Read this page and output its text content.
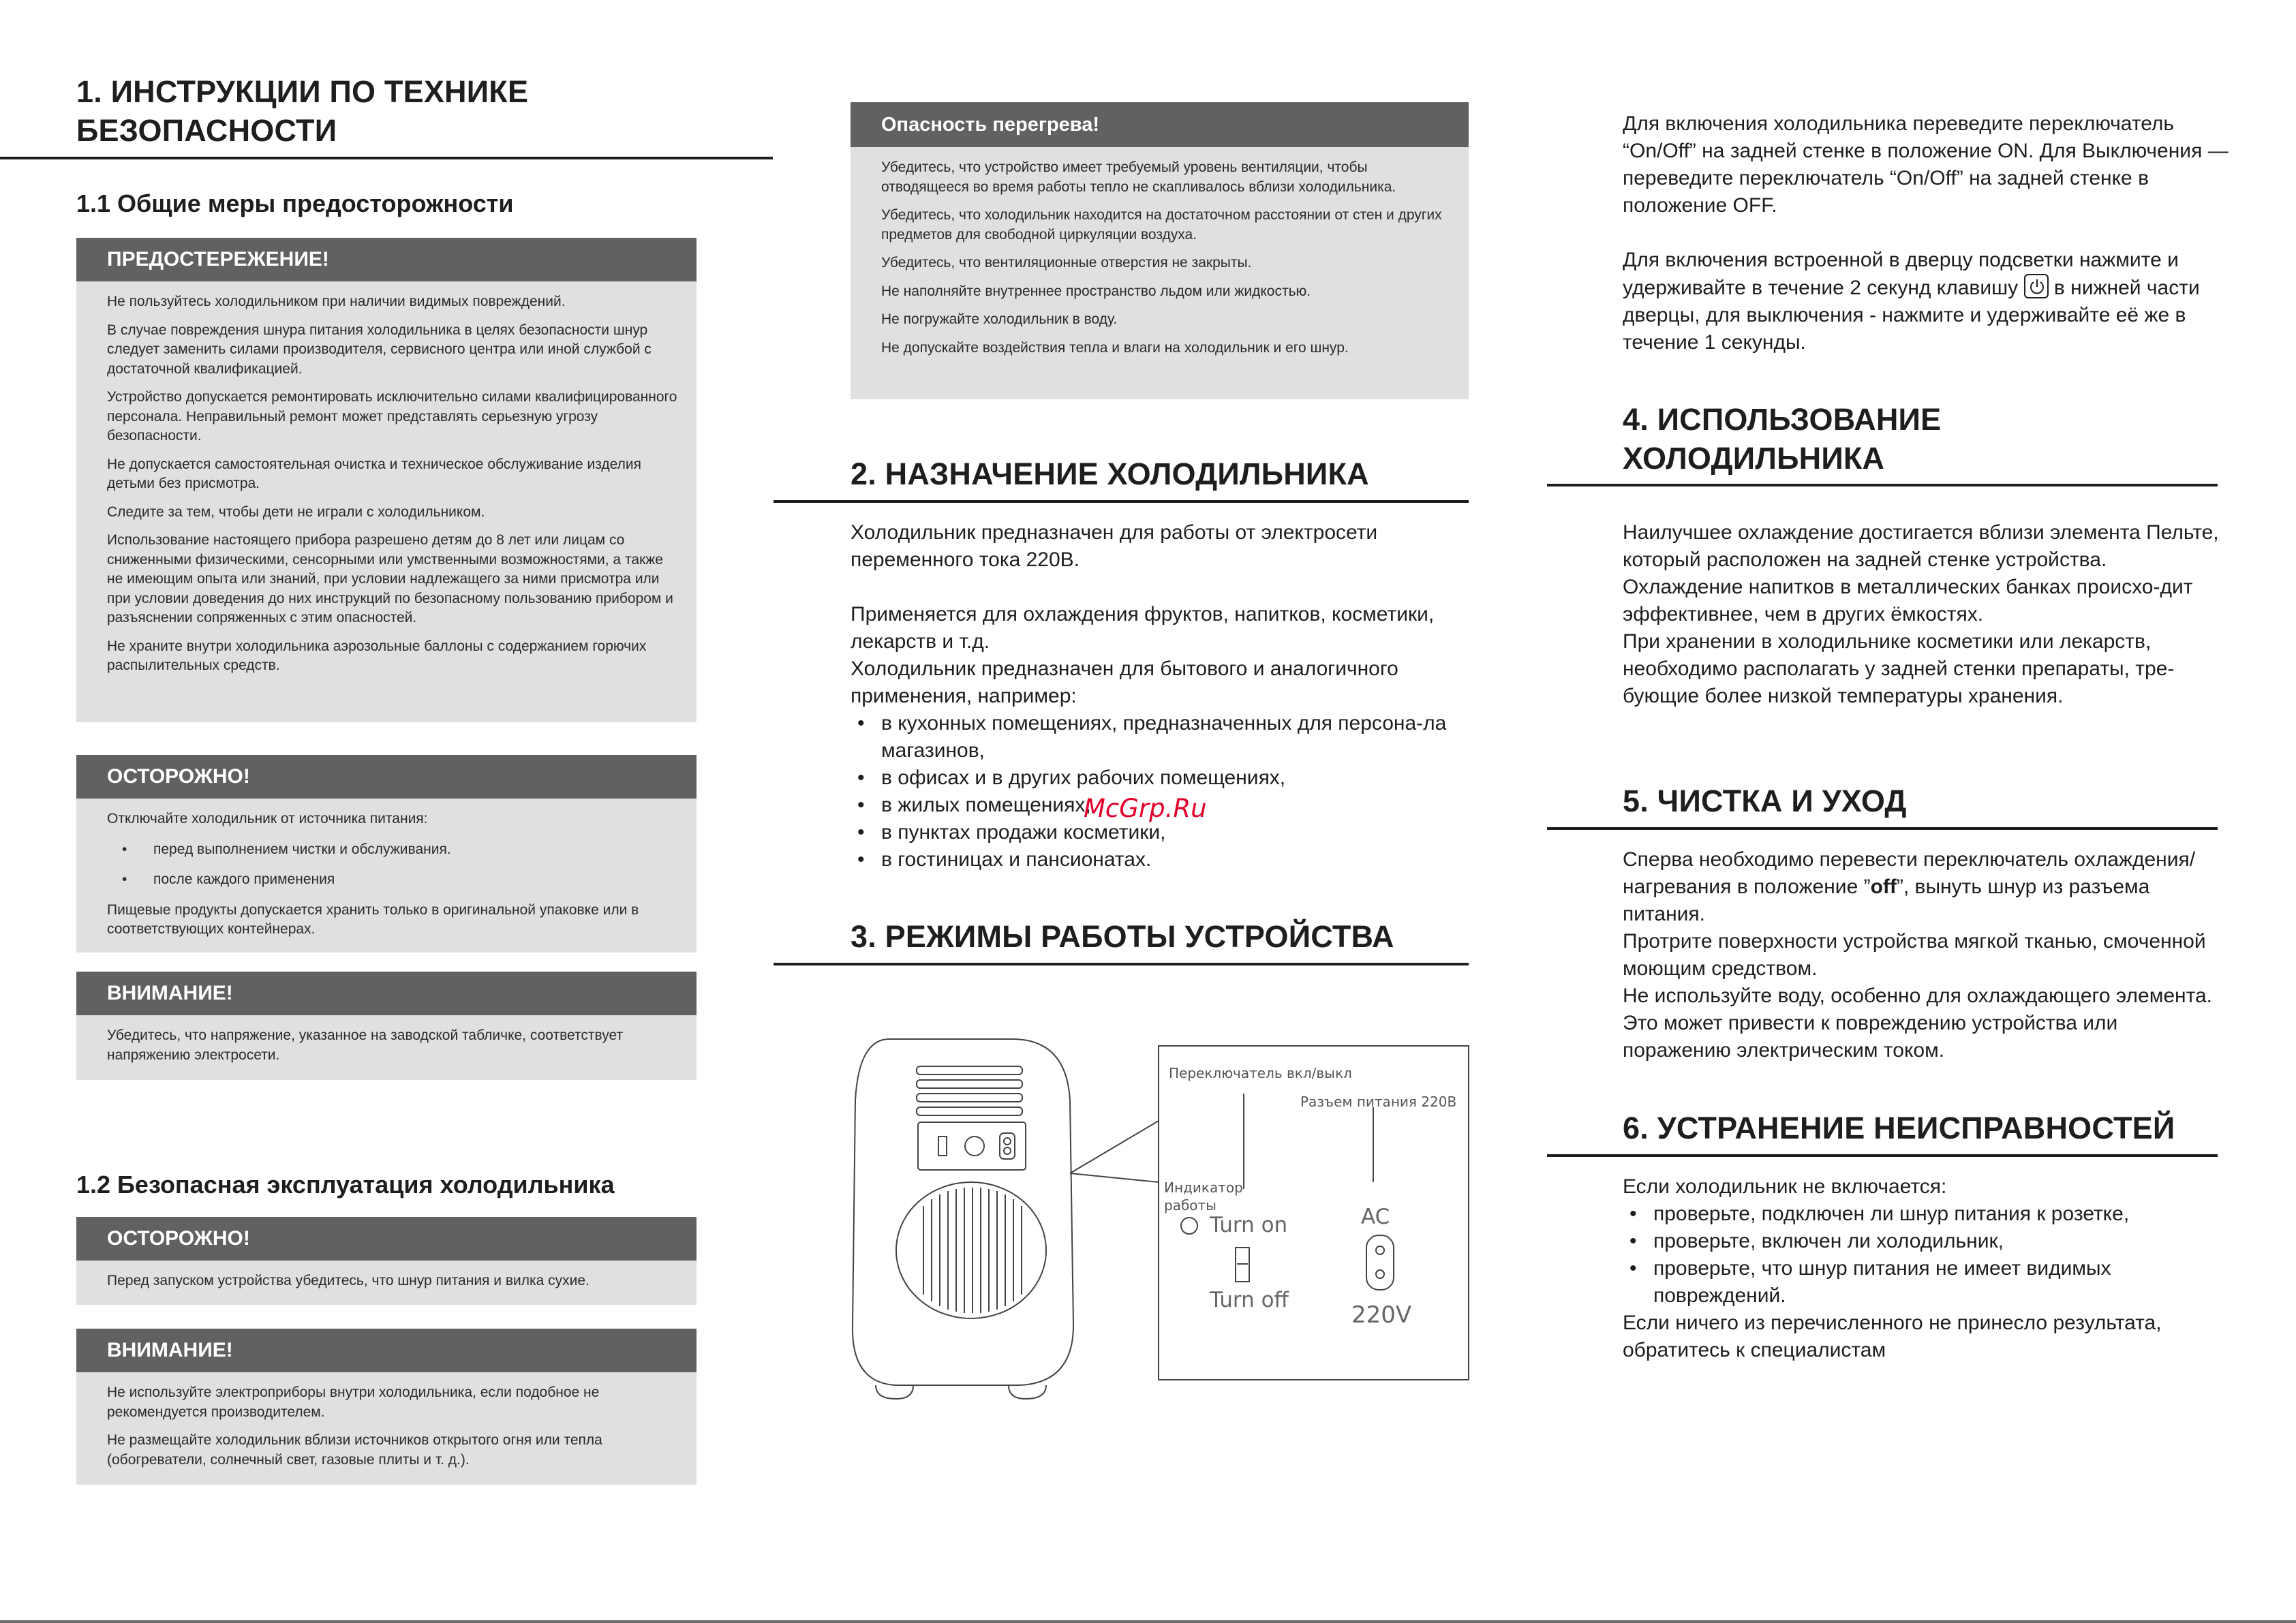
1. ИНСТРУКЦИИ ПО ТЕХНИКЕ
БЕЗОПАСНОСТИ
1.1 Общие меры предосторожности
ПРЕДОСТЕРЕЖЕНИЕ!

Не пользуйтесь холодильником при наличии видимых повреждений.

В случае повреждения шнура питания холодильника в целях безопасности шнур следует заменить силами производителя, сервисного центра или иной службой с достаточной квалификацией.

Устройство допускается ремонтировать исключительно силами квалифицированного персонала. Неправильный ремонт может представлять серьезную угрозу безопасности.

Не допускается самостоятельная очистка и техническое обслуживание изделия детьми без присмотра.

Следите за тем, чтобы дети не играли с холодильником.

Использование настоящего прибора разрешено детям до 8 лет или лицам со сниженными физическими, сенсорными или умственными возможностями, а также не имеющим опыта или знаний, при условии надлежащего за ними присмотра или при условии доведения до них инструкций по безопасному пользованию прибором и разъяснении сопряженных с этим опасностей.

Не храните внутри холодильника аэрозольные баллоны с содержанием горючих распылительных средств.

ОСТОРОЖНО!

Отключайте холодильник от источника питания:

• перед выполнением чистки и обслуживания.
• после каждого применения

Пищевые продукты допускается хранить только в оригинальной упаковке или в соответствующих контейнерах.

ВНИМАНИЕ!

Убедитесь, что напряжение, указанное на заводской табличке, соответствует напряжению электросети.

1.2 Безопасная эксплуатация холодильника
ОСТОРОЖНО!

Перед запуском устройства убедитесь, что шнур питания и вилка сухие.

ВНИМАНИЕ!

Не используйте электроприборы внутри холодильника, если подобное не рекомендуется производителем.

Не размещайте холодильник вблизи источников открытого огня или тепла (обогреватели, солнечный свет, газовые плиты и т. д.).

Опасность перегрева!

Убедитесь, что устройство имеет требуемый уровень вентиляции, чтобы отводящееся во время работы тепло не скапливалось вблизи холодильника.

Убедитесь, что холодильник находится на достаточном расстоянии от стен и других предметов для свободной циркуляции воздуха.

Убедитесь, что вентиляционные отверстия не закрыты.

Не наполняйте внутреннее пространство льдом или жидкостью.

Не погружайте холодильник в воду.

Не допускайте воздействия тепла и влаги на холодильник и его шнур.

2. НАЗНАЧЕНИЕ ХОЛОДИЛЬНИКА

Холодильник предназначен для работы от электросети переменного тока 220В.

Применяется для охлаждения фруктов, напитков, косметики, лекарств и т.д.

Холодильник предназначен для бытового и аналогичного применения, например:

• в кухонных помещениях, предназначенных для персона-ла магазинов,
• в офисах и в других рабочих помещениях,
• в жилых помещениях,
• в пунктах продажи косметики,
• в гостиницах и пансионатах.
3. РЕЖИМЫ РАБОТЫ УСТРОЙСТВА
Переключатель вкл/выкл
Разъем питания 220В
Индикатор
работы
Turn on
Turn off
AC
220V
McGrp.Ru

Для включения холодильника переведите переключатель “On/Off” на задней стенке в положение ON. Для Выключения — переведите переключатель “On/Off” на задней стенке в положение OFF.

Для включения встроенной в дверцу подсветки нажмите и удерживайте в течение 2 секунд клавишу в нижней части дверцы, для выключения - нажмите и удерживайте её же в течение 1 секунды.

4. ИСПОЛЬЗОВАНИЕ
ХОЛОДИЛЬНИКА

Наилучшее охлаждение достигается вблизи элемента Пельте, который расположен на задней стенке устройства.

Охлаждение напитков в металлических банках происхо-дит эффективнее, чем в других ёмкостях.

При хранении в холодильнике косметики или лекарств, необходимо располагать у задней стенки препараты, тре-бующие более низкой температуры хранения.

5. ЧИСТКА И УХОД

Сперва необходимо перевести переключатель охлаждения/нагревания в положение ”off”, вынуть шнур из разъема питания.

Протрите поверхности устройства мягкой тканью, смоченной моющим средством.

Не используйте воду, особенно для охлаждающего элемента. Это может привести к повреждению устройства или поражению электрическим током.

6. УСТРАНЕНИЕ НЕИСПРАВНОСТЕЙ

Если холодильник не включается:

• проверьте, подключен ли шнур питания к розетке,
• проверьте, включен ли холодильник,
• проверьте, что шнур питания не имеет видимых повреждений.

Если ничего из перечисленного не принесло результата, обратитесь к специалистам
